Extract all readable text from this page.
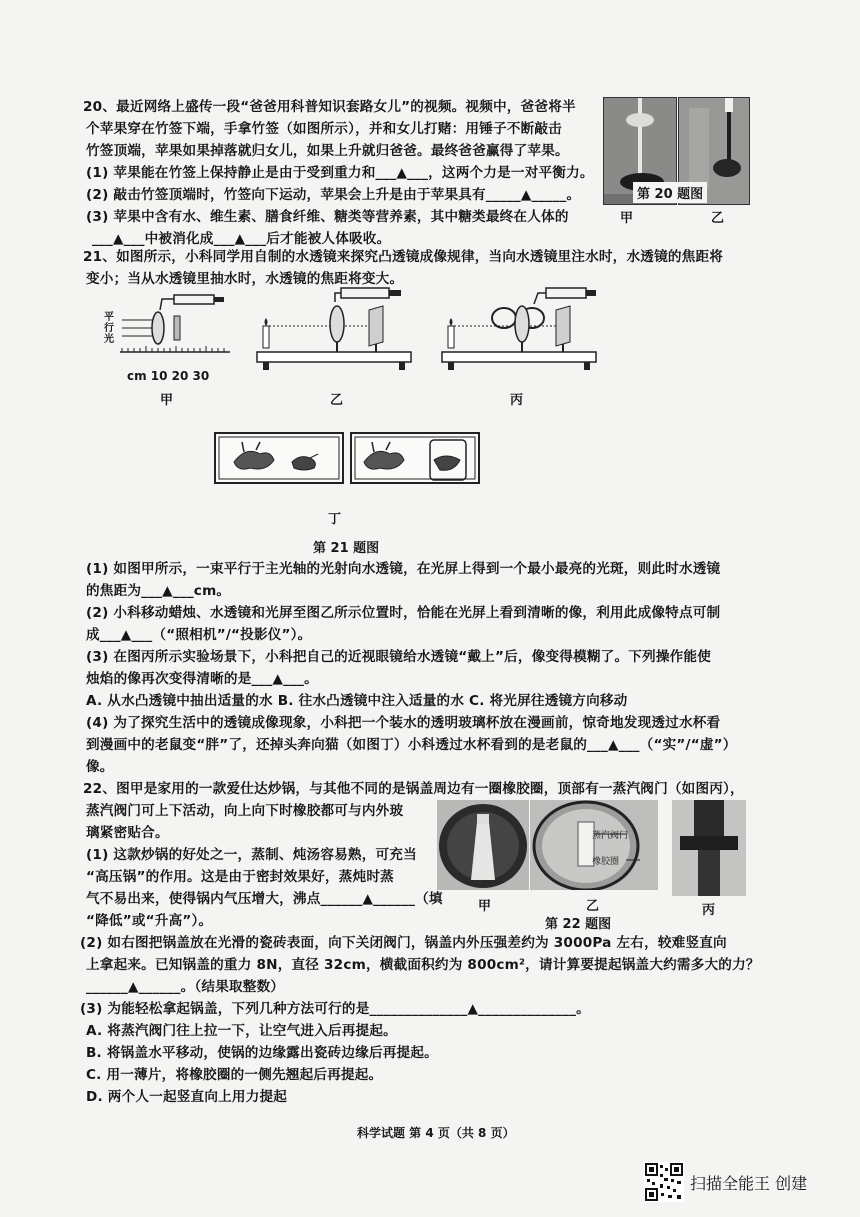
20、最近网络上盛传一段“爸爸用科普知识套路女儿”的视频。视频中，爸爸将半
个苹果穿在竹签下端，手拿竹签（如图所示），并和女儿打赌：用锤子不断敲击
竹签顶端，苹果如果掉落就归女儿，如果上升就归爸爸。最终爸爸赢得了苹果。
(1) 苹果能在竹签上保持静止是由于受到重力和___▲___，这两个力是一对平衡力。
(2) 敲击竹签顶端时，竹签向下运动，苹果会上升是由于苹果具有_____▲_____。
(3) 苹果中含有水、维生素、膳食纤维、糖类等营养素，其中糖类最终在人体的
___▲___中被消化成___▲___后才能被人体吸收。
甲	乙
第 20 题图
21、如图所示，小科同学用自制的水透镜来探究凸透镜成像规律，当向水透镜里注水时，水透镜的焦距将
变小；当从水透镜里抽水时，水透镜的焦距将变大。
平行光
cm 10 20 30
甲	乙	丙
丁
第 21 题图
(1) 如图甲所示，一束平行于主光轴的光射向水透镜，在光屏上得到一个最小最亮的光斑，则此时水透镜
的焦距为___▲___cm。
(2) 小科移动蜡烛、水透镜和光屏至图乙所示位置时，恰能在光屏上看到清晰的像，利用此成像特点可制
成___▲___（“照相机”/“投影仪”）。
(3) 在图丙所示实验场景下，小科把自己的近视眼镜给水透镜“戴上”后，像变得模糊了。下列操作能使
烛焰的像再次变得清晰的是___▲___。
A. 从水凸透镜中抽出适量的水 B. 往水凸透镜中注入适量的水 C. 将光屏往透镜方向移动
(4) 为了探究生活中的透镜成像现象，小科把一个装水的透明玻璃杯放在漫画前，惊奇地发现透过水杯看
到漫画中的老鼠变“胖”了，还掉头奔向猫（如图丁）小科透过水杯看到的是老鼠的___▲___（“实”/“虚”）
像。
22、图甲是家用的一款爱仕达炒锅，与其他不同的是锅盖周边有一圈橡胶圈，顶部有一蒸汽阀门（如图丙），
蒸汽阀门可上下活动，向上向下时橡胶都可与内外玻
璃紧密贴合。
(1) 这款炒锅的好处之一，蒸制、炖汤容易熟，可充当
“高压锅”的作用。这是由于密封效果好，蒸炖时蒸
气不易出来，使得锅内气压增大，沸点______▲______（填
“降低”或“升高”）。
蒸汽阀门
橡胶圈
甲	乙	丙
第 22 题图
(2) 如右图把锅盖放在光滑的瓷砖表面，向下关闭阀门，锅盖内外压强差约为 3000Pa 左右，较难竖直向
上拿起来。已知锅盖的重力 8N，直径 32cm，横截面积约为 800cm²，请计算要提起锅盖大约需多大的力？
______▲______。（结果取整数）
(3) 为能轻松拿起锅盖，下列几种方法可行的是______________▲______________。
A. 将蒸汽阀门往上拉一下，让空气进入后再提起。
B. 将锅盖水平移动，使锅的边缘露出瓷砖边缘后再提起。
C. 用一薄片，将橡胶圈的一侧先翘起后再提起。
D. 两个人一起竖直向上用力提起
科学试题 第 4 页（共 8 页）
扫描全能王 创建
